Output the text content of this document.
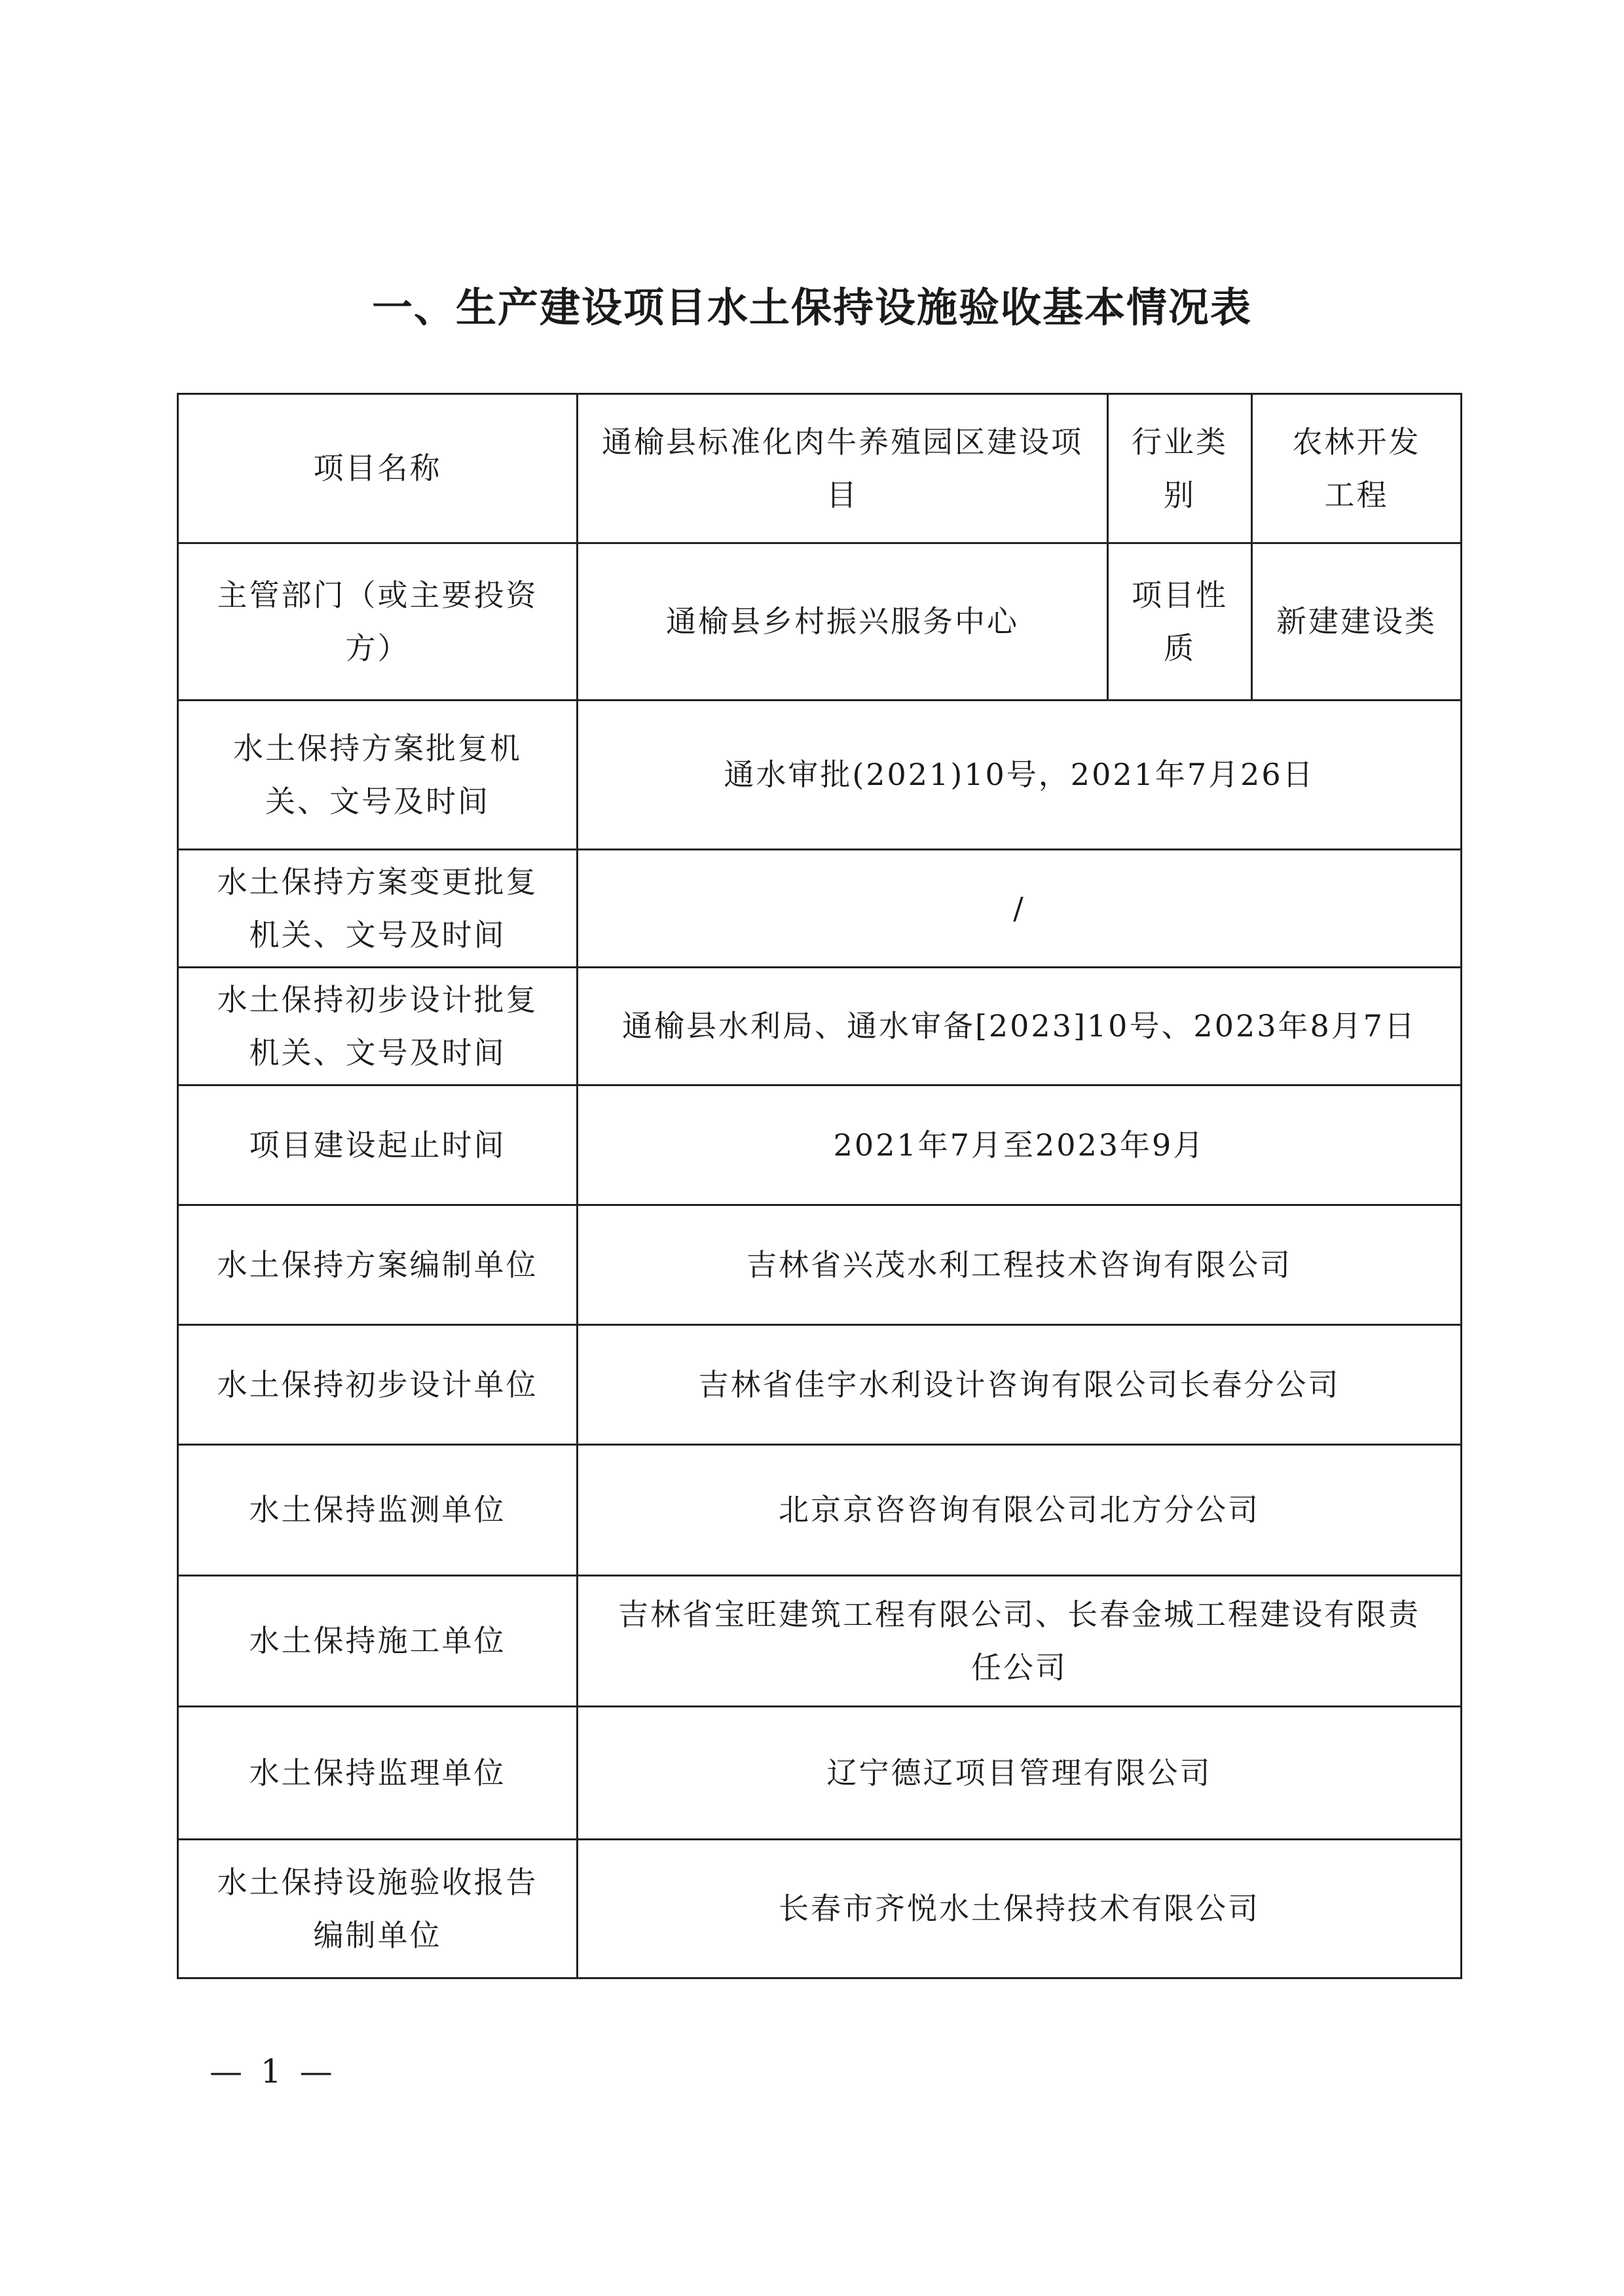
一、生产建设项目水土保持设施验收基本情况表
项目名称	通榆县标准化肉牛养殖园区建设项目	行业类别	农林开发工程
主管部门（或主要投资方）	通榆县乡村振兴服务中心	项目性质	新建建设类
水土保持方案批复机关、文号及时间	通水审批(2021)10号，2021年7月26日		
水土保持方案变更批复机关、文号及时间	/		
水土保持初步设计批复机关、文号及时间	通榆县水利局、通水审备[2023]10号、2023年8月7日		
项目建设起止时间	2021年7月至2023年9月		
水土保持方案编制单位	吉林省兴茂水利工程技术咨询有限公司		
水土保持初步设计单位	吉林省佳宇水利设计咨询有限公司长春分公司		
水土保持监测单位	北京京咨咨询有限公司北方分公司		
水土保持施工单位	吉林省宝旺建筑工程有限公司、长春金城工程建设有限责任公司		
水土保持监理单位	辽宁德辽项目管理有限公司		
水土保持设施验收报告编制单位	长春市齐悦水土保持技术有限公司		
— 1 —
